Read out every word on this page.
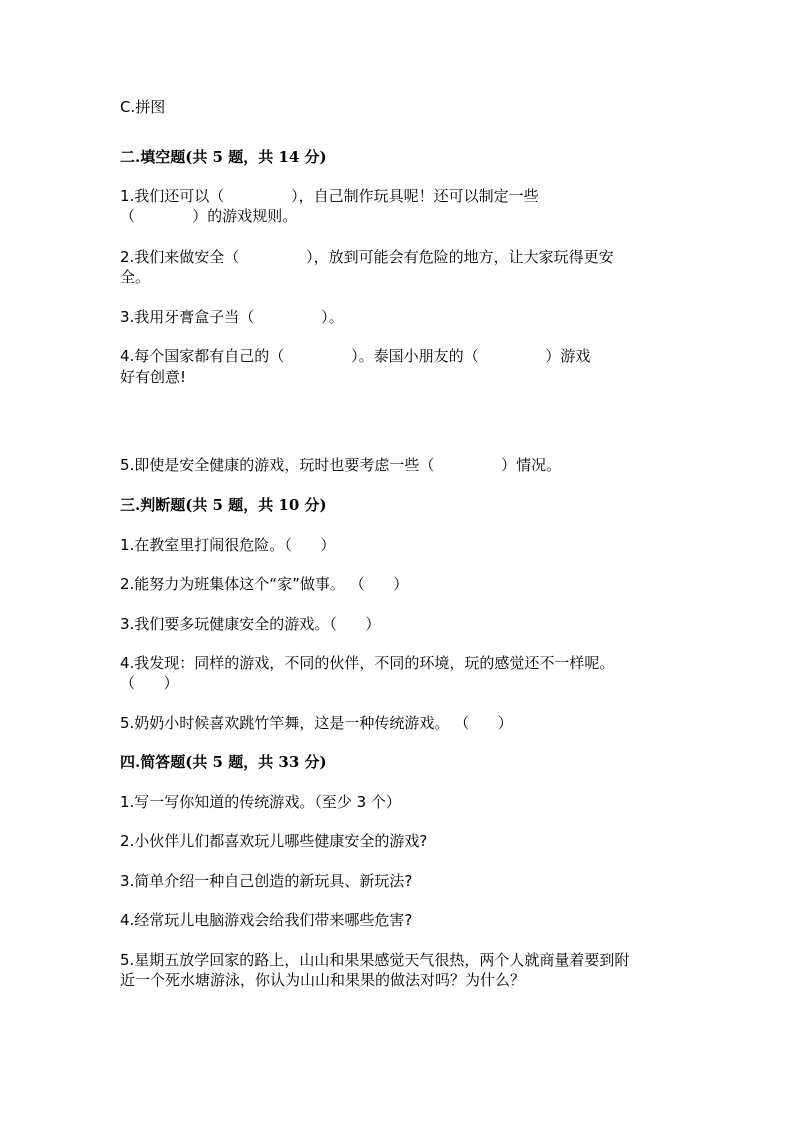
C.拼图
二.填空题(共 5 题，共 14 分)
1.我们还可以（              ），自己制作玩具呢！还可以制定一些
（            ）的游戏规则。
2.我们来做安全（              ），放到可能会有危险的地方，让大家玩得更安
全。
3.我用牙膏盒子当（              ）。
4.每个国家都有自己的（              ）。泰国小朋友的（              ）游戏
好有创意!
5.即使是安全健康的游戏，玩时也要考虑一些（              ）情况。
三.判断题(共 5 题，共 10 分)
1.在教室里打闹很危险。（      ）
2.能努力为班集体这个“家”做事。 （      ）
3.我们要多玩健康安全的游戏。（      ）
4.我发现：同样的游戏，不同的伙伴，不同的环境，玩的感觉还不一样呢。
（      ）
5.奶奶小时候喜欢跳竹竿舞，这是一种传统游戏。 （      ）
四.简答题(共 5 题，共 33 分)
1.写一写你知道的传统游戏。（至少 3 个）
2.小伙伴儿们都喜欢玩儿哪些健康安全的游戏?
3.简单介绍一种自己创造的新玩具、新玩法?
4.经常玩儿电脑游戏会给我们带来哪些危害?
5.星期五放学回家的路上，山山和果果感觉天气很热，两个人就商量着要到附
近一个死水塘游泳，你认为山山和果果的做法对吗？为什么？
